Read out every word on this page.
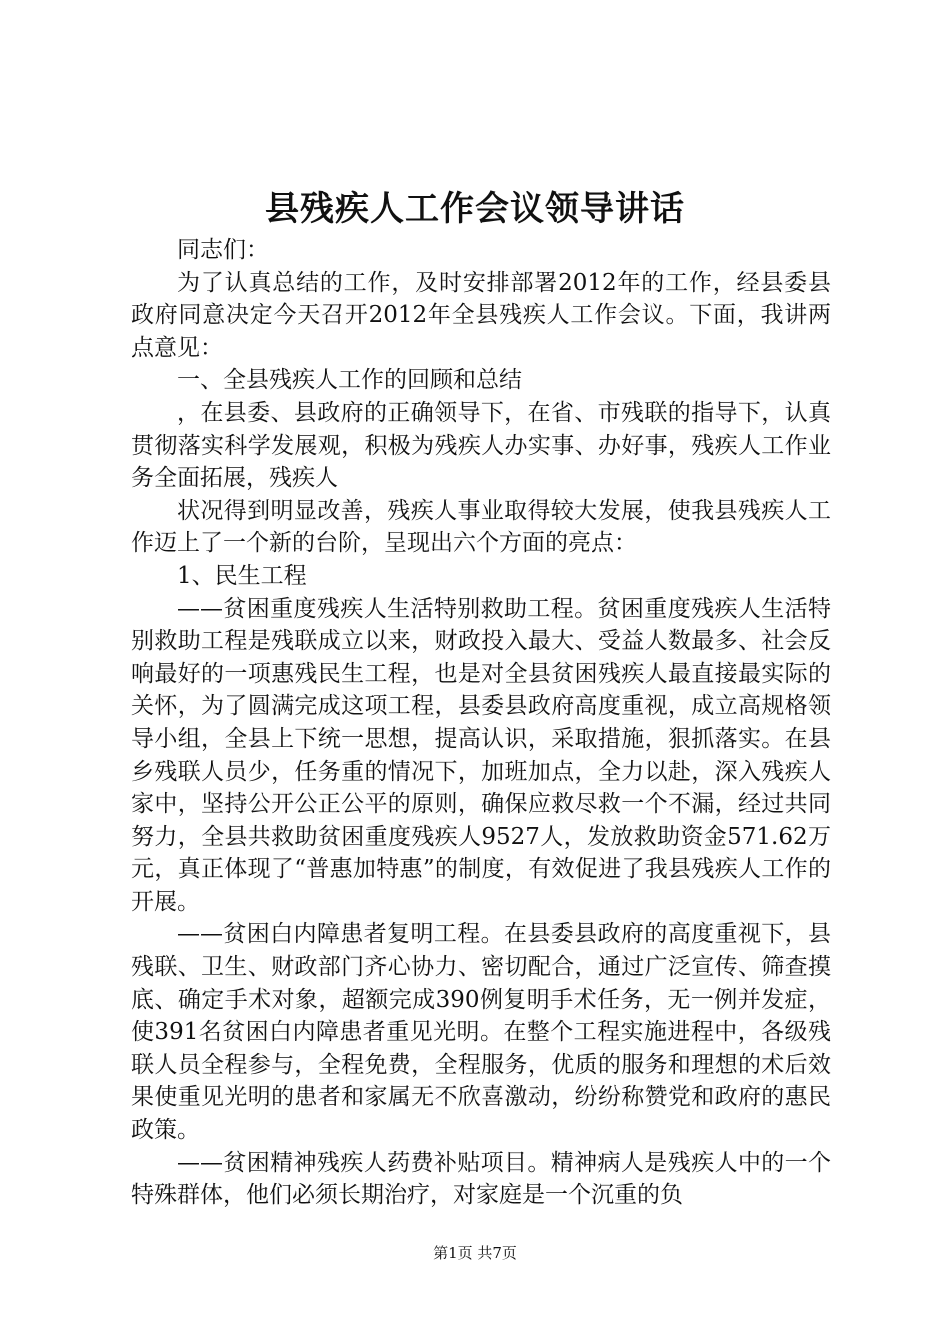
县残疾人工作会议领导讲话

同志们：

为了认真总结的工作，及时安排部署2012年的工作，经县委县政府同意决定今天召开2012年全县残疾人工作会议。下面，我讲两点意见：

一、全县残疾人工作的回顾和总结

，在县委、县政府的正确领导下，在省、市残联的指导下，认真贯彻落实科学发展观，积极为残疾人办实事、办好事，残疾人工作业务全面拓展，残疾人

状况得到明显改善，残疾人事业取得较大发展，使我县残疾人工作迈上了一个新的台阶，呈现出六个方面的亮点：

1、民生工程

——贫困重度残疾人生活特别救助工程。贫困重度残疾人生活特别救助工程是残联成立以来，财政投入最大、受益人数最多、社会反响最好的一项惠残民生工程，也是对全县贫困残疾人最直接最实际的关怀，为了圆满完成这项工程，县委县政府高度重视，成立高规格领导小组，全县上下统一思想，提高认识，采取措施，狠抓落实。在县乡残联人员少，任务重的情况下，加班加点，全力以赴，深入残疾人家中，坚持公开公正公平的原则，确保应救尽救一个不漏，经过共同努力，全县共救助贫困重度残疾人9527人，发放救助资金571.62万元，真正体现了“普惠加特惠”的制度，有效促进了我县残疾人工作的开展。

——贫困白内障患者复明工程。在县委县政府的高度重视下，县残联、卫生、财政部门齐心协力、密切配合，通过广泛宣传、筛查摸底、确定手术对象，超额完成390例复明手术任务，无一例并发症，使391名贫困白内障患者重见光明。在整个工程实施进程中，各级残联人员全程参与，全程免费，全程服务，优质的服务和理想的术后效果使重见光明的患者和家属无不欣喜激动，纷纷称赞党和政府的惠民政策。

——贫困精神残疾人药费补贴项目。精神病人是残疾人中的一个特殊群体，他们必须长期治疗，对家庭是一个沉重的负

第1页 共7页
